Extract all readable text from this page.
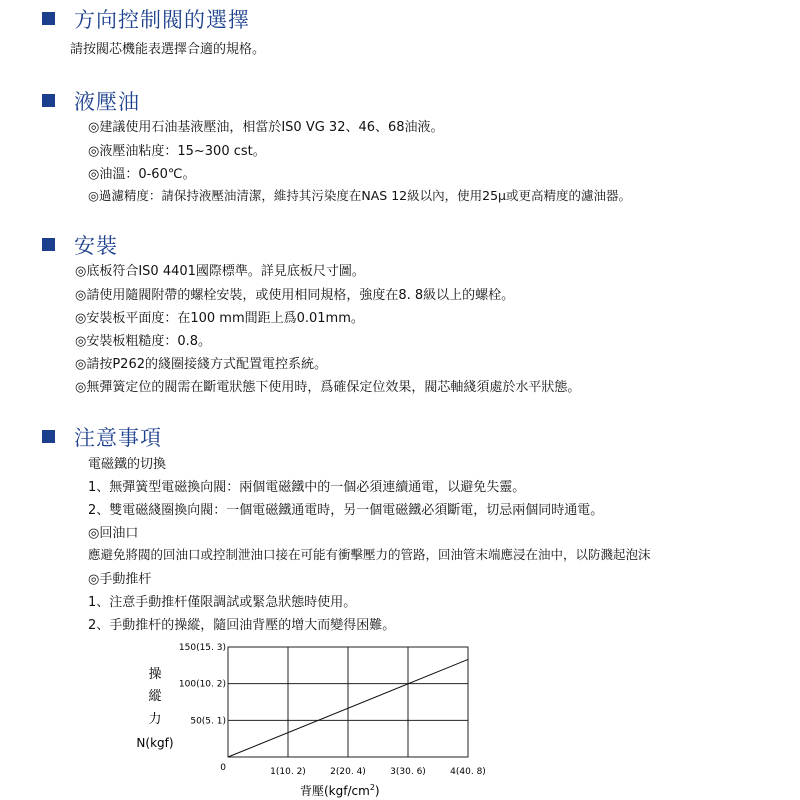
方向控制閥的選擇
請按閥芯機能表選擇合適的規格。
液壓油
◎建議使用石油基液壓油，相當於IS0 VG 32、46、68油液。
◎液壓油粘度：15~300 cst。
◎油溫：0-60℃。
◎過濾精度：請保持液壓油清潔，維持其污染度在NAS 12級以內，使用25μ或更高精度的濾油器。
安裝
◎底板符合IS0 4401國際標準。詳見底板尺寸圖。
◎請使用隨閥附帶的螺栓安裝，或使用相同規格，強度在8. 8級以上的螺栓。
◎安裝板平面度：在100 mm間距上爲0.01mm。
◎安裝板粗糙度：0.8。
◎請按P262的綫圈接綫方式配置電控系統。
◎無彈簧定位的閥需在斷電狀態下使用時，爲確保定位效果，閥芯軸綫須處於水平狀態。
注意事項
電磁鐵的切換
1、無彈簧型電磁換向閥：兩個電磁鐵中的一個必須連續通電，以避免失靈。
2、雙電磁綫圈換向閥：一個電磁鐵通電時，另一個電磁鐵必須斷電，切忌兩個同時通電。
◎回油口
應避免將閥的回油口或控制泄油口接在可能有衝擊壓力的管路，回油管末端應浸在油中，以防濺起泡沫
◎手動推杆
1、注意手動推杆僅限調試或緊急狀態時使用。
2、手動推杆的操縱，隨回油背壓的增大而變得困難。
1(10. 2)	2(20. 4)	3(30. 6)	4(40. 8)
50(5. 1)
100(10. 2)
150(15. 3)
0
操
縱
力
N(kgf)
背壓$(kgf/cm^2)$
